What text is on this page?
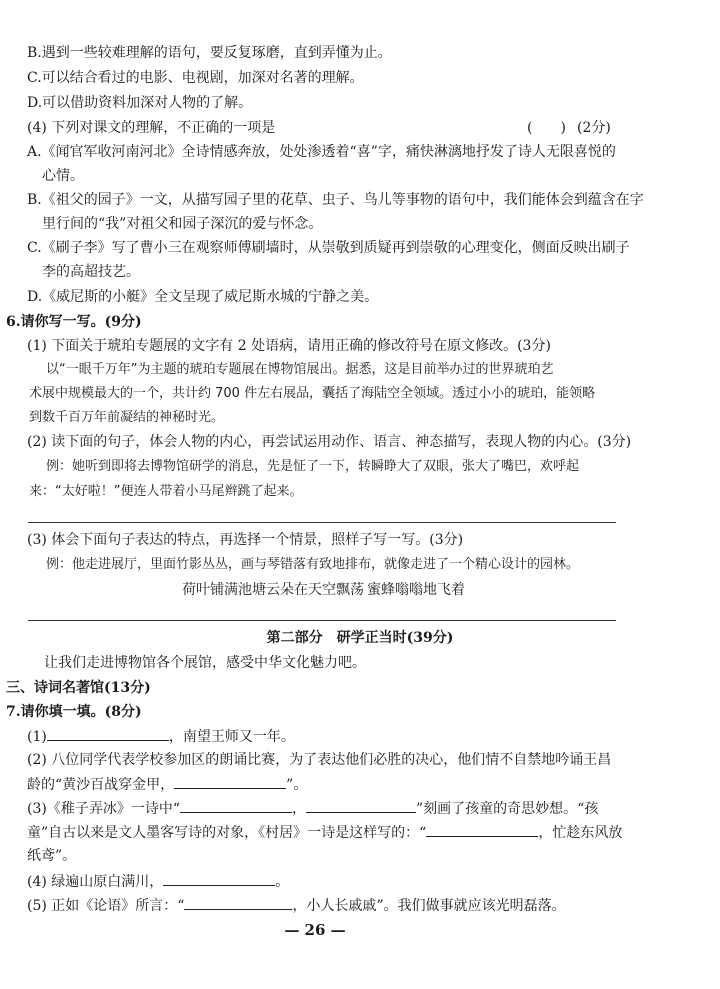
B.遇到一些较难理解的语句，要反复琢磨，直到弄懂为止。
C.可以结合看过的电影、电视剧，加深对名著的理解。
D.可以借助资料加深对人物的了解。
(4) 下列对课文的理解，不正确的一项是	(　　) (2分)
A.《闻官军收河南河北》全诗情感奔放，处处渗透着“喜”字，痛快淋漓地抒发了诗人无限喜悦的
心情。
B.《祖父的园子》一文，从描写园子里的花草、虫子、鸟儿等事物的语句中，我们能体会到蕴含在字
里行间的“我”对祖父和园子深沉的爱与怀念。
C.《刷子李》写了曹小三在观察师傅刷墙时，从崇敬到质疑再到崇敬的心理变化，侧面反映出刷子
李的高超技艺。
D.《威尼斯的小艇》全文呈现了威尼斯水城的宁静之美。
6.请你写一写。(9分)
(1) 下面关于琥珀专题展的文字有 2 处语病，请用正确的修改符号在原文修改。(3分)
以“一眼千万年”为主题的琥珀专题展在博物馆展出。据悉，这是目前举办过的世界琥珀艺
术展中规模最大的一个，共计约 700 件左右展品，囊括了海陆空全领域。透过小小的琥珀，能领略
到数千百万年前凝结的神秘时光。
(2) 读下面的句子，体会人物的内心，再尝试运用动作、语言、神态描写，表现人物的内心。(3分)
例：她听到即将去博物馆研学的消息，先是怔了一下，转瞬睁大了双眼，张大了嘴巴，欢呼起
来：“太好啦！”便连人带着小马尾辫跳了起来。
(3) 体会下面句子表达的特点，再选择一个情景，照样子写一写。(3分)
例：他走进展厅，里面竹影丛丛，画与琴错落有致地排布，就像走进了一个精心设计的园林。
荷叶铺满池塘 云朵在天空飘荡 蜜蜂嗡嗡地飞着
第二部分　研学正当时(39分)
让我们走进博物馆各个展馆，感受中华文化魅力吧。
三、诗词名著馆(13分)
7.请你填一填。(8分)
(1)	，南望王师又一年。
(2) 八位同学代表学校参加区的朗诵比赛，为了表达他们必胜的决心，他们情不自禁地吟诵王昌
龄的“黄沙百战穿金甲，	”。
(3)《稚子弄冰》一诗中“	，	”刻画了孩童的奇思妙想。“孩
童”自古以来是文人墨客写诗的对象，《村居》一诗是这样写的：“	，忙趁东风放
纸鸢”。
(4) 绿遍山原白满川，	。
(5) 正如《论语》所言：“	，小人长戚戚”。我们做事就应该光明磊落。
— 26 —
